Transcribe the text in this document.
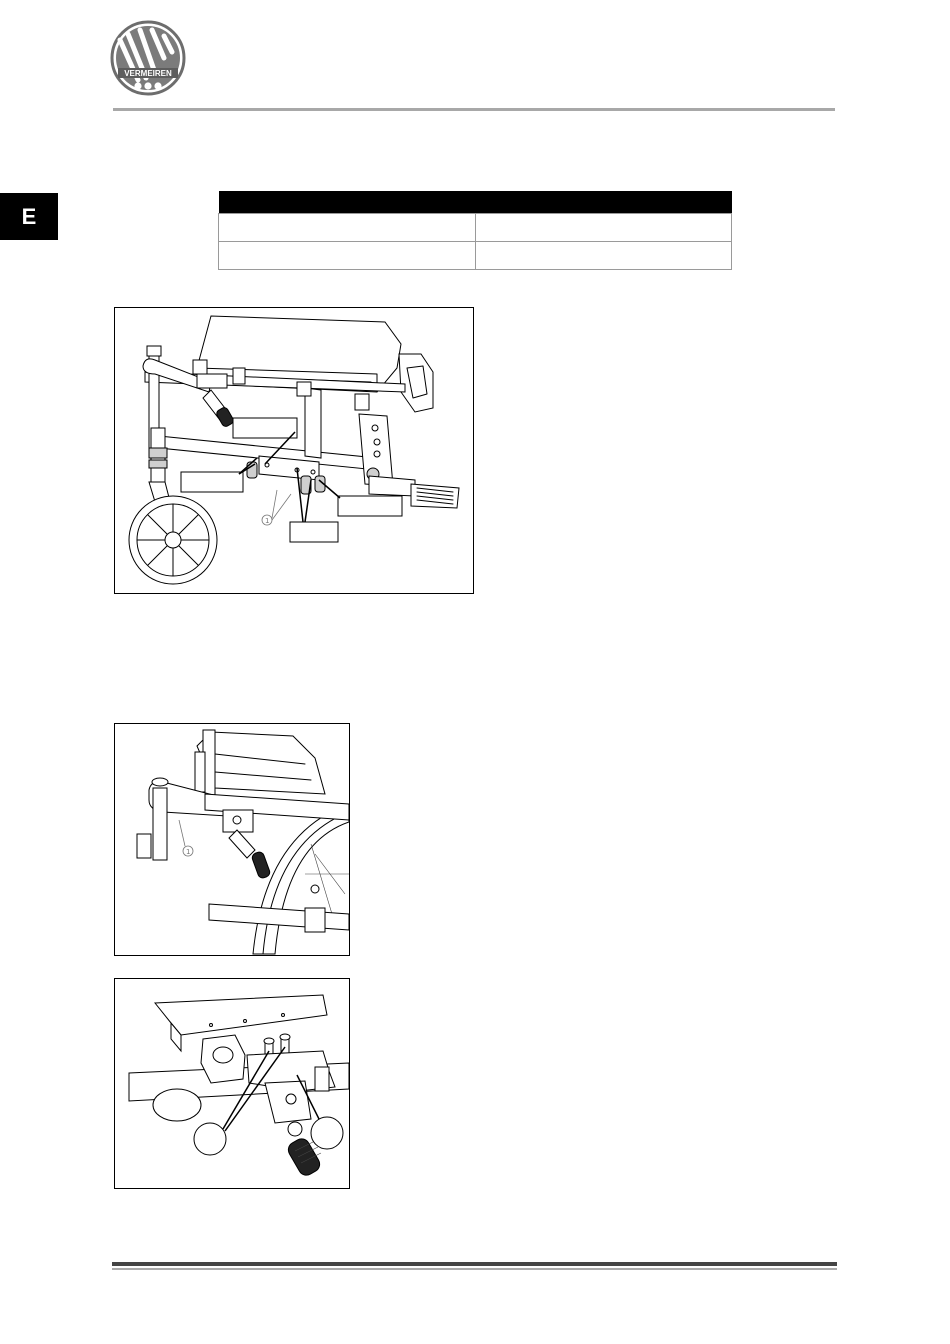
VERMEIREN
E

1
1
